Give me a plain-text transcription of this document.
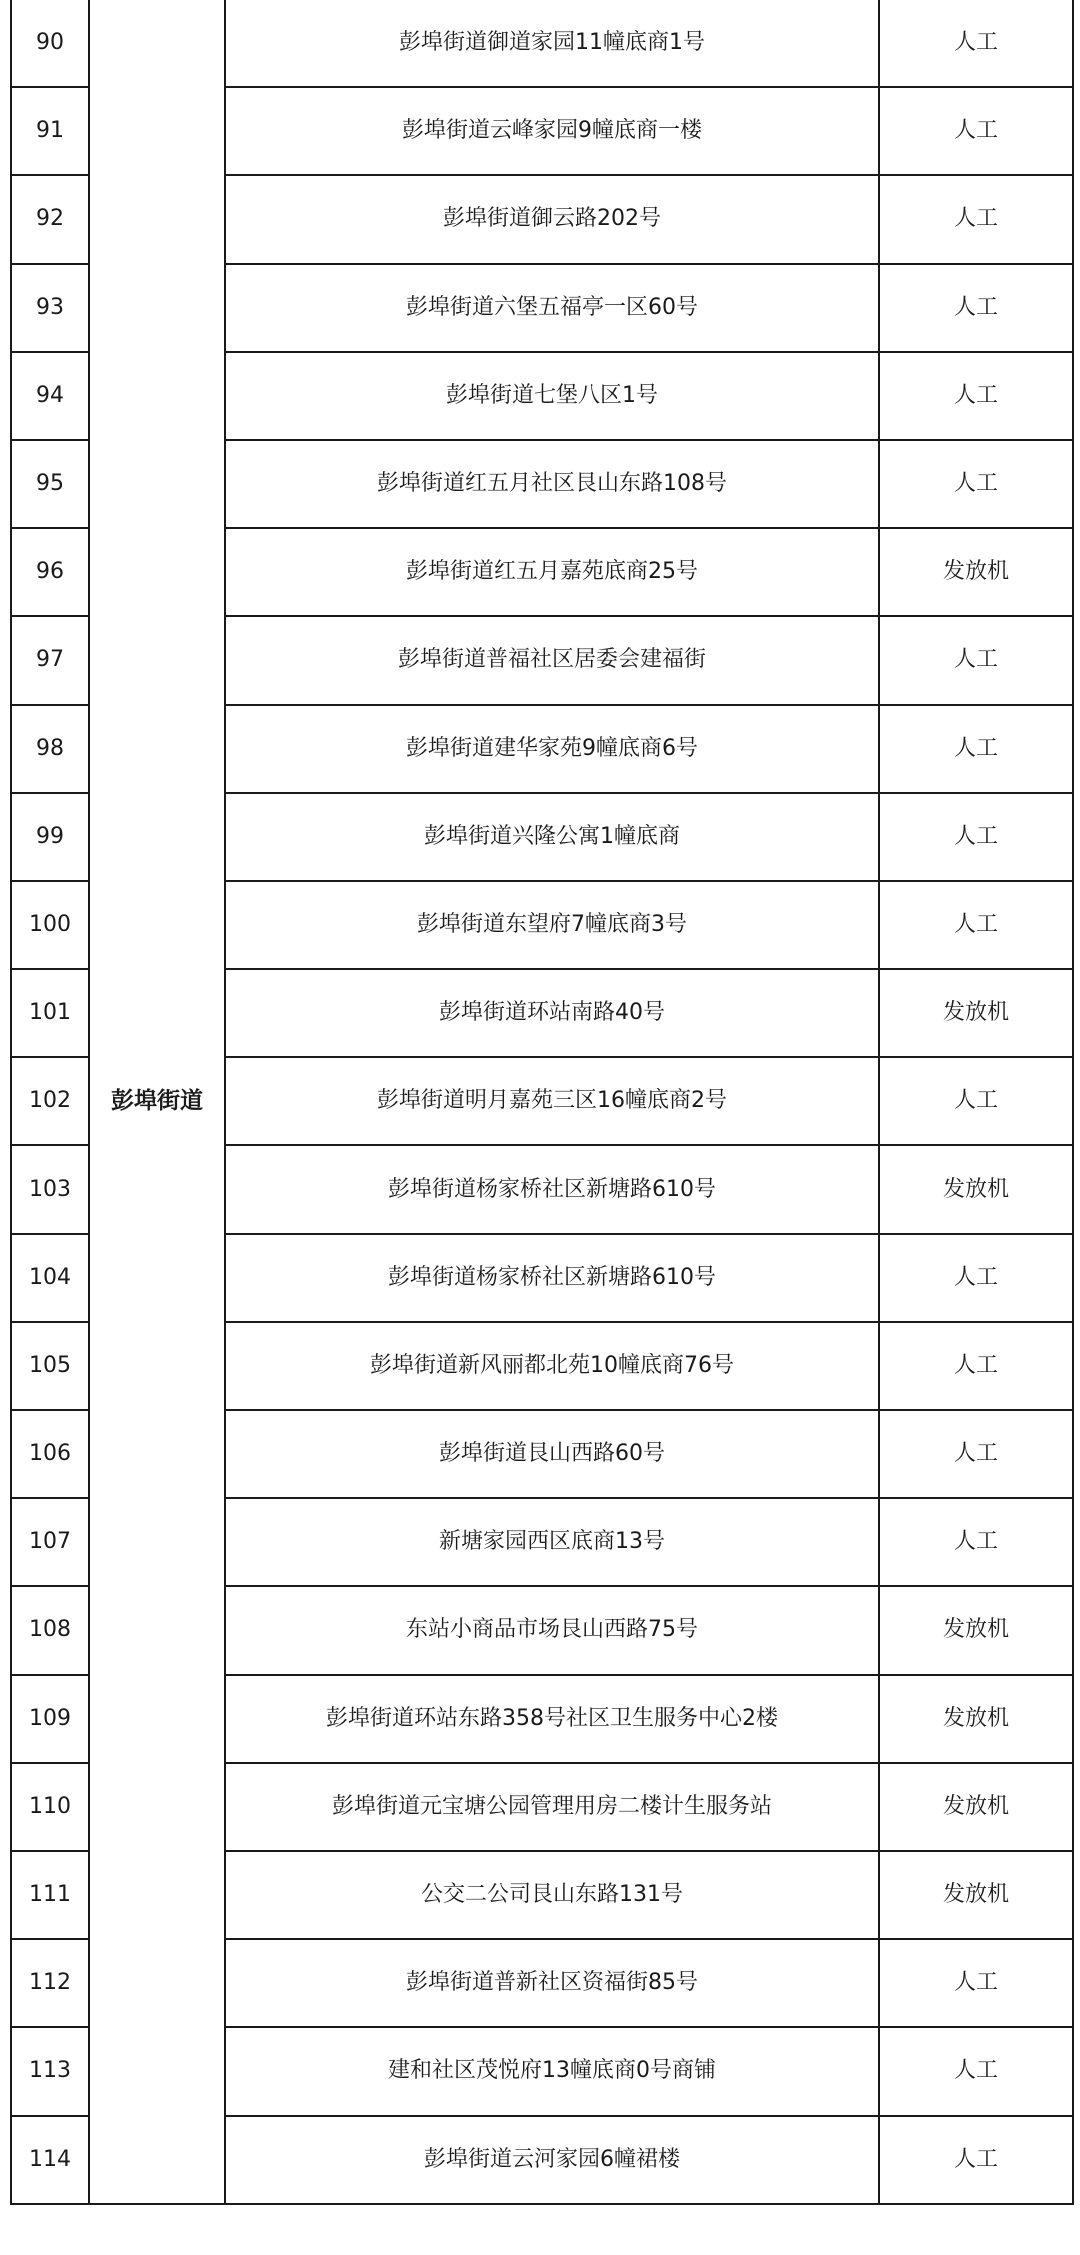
90	彭埠街道	彭埠街道御道家园11幢底商1号	人工
91		彭埠街道云峰家园9幢底商一楼	人工
92		彭埠街道御云路202号	人工
93		彭埠街道六堡五福亭一区60号	人工
94		彭埠街道七堡八区1号	人工
95		彭埠街道红五月社区艮山东路108号	人工
96		彭埠街道红五月嘉苑底商25号	发放机
97		彭埠街道普福社区居委会建福街	人工
98		彭埠街道建华家苑9幢底商6号	人工
99		彭埠街道兴隆公寓1幢底商	人工
100		彭埠街道东望府7幢底商3号	人工
101		彭埠街道环站南路40号	发放机
102		彭埠街道明月嘉苑三区16幢底商2号	人工
103		彭埠街道杨家桥社区新塘路610号	发放机
104		彭埠街道杨家桥社区新塘路610号	人工
105		彭埠街道新风丽都北苑10幢底商76号	人工
106		彭埠街道艮山西路60号	人工
107		新塘家园西区底商13号	人工
108		东站小商品市场艮山西路75号	发放机
109		彭埠街道环站东路358号社区卫生服务中心2楼	发放机
110		彭埠街道元宝塘公园管理用房二楼计生服务站	发放机
111		公交二公司艮山东路131号	发放机
112		彭埠街道普新社区资福街85号	人工
113		建和社区茂悦府13幢底商0号商铺	人工
114		彭埠街道云河家园6幢裙楼	人工
